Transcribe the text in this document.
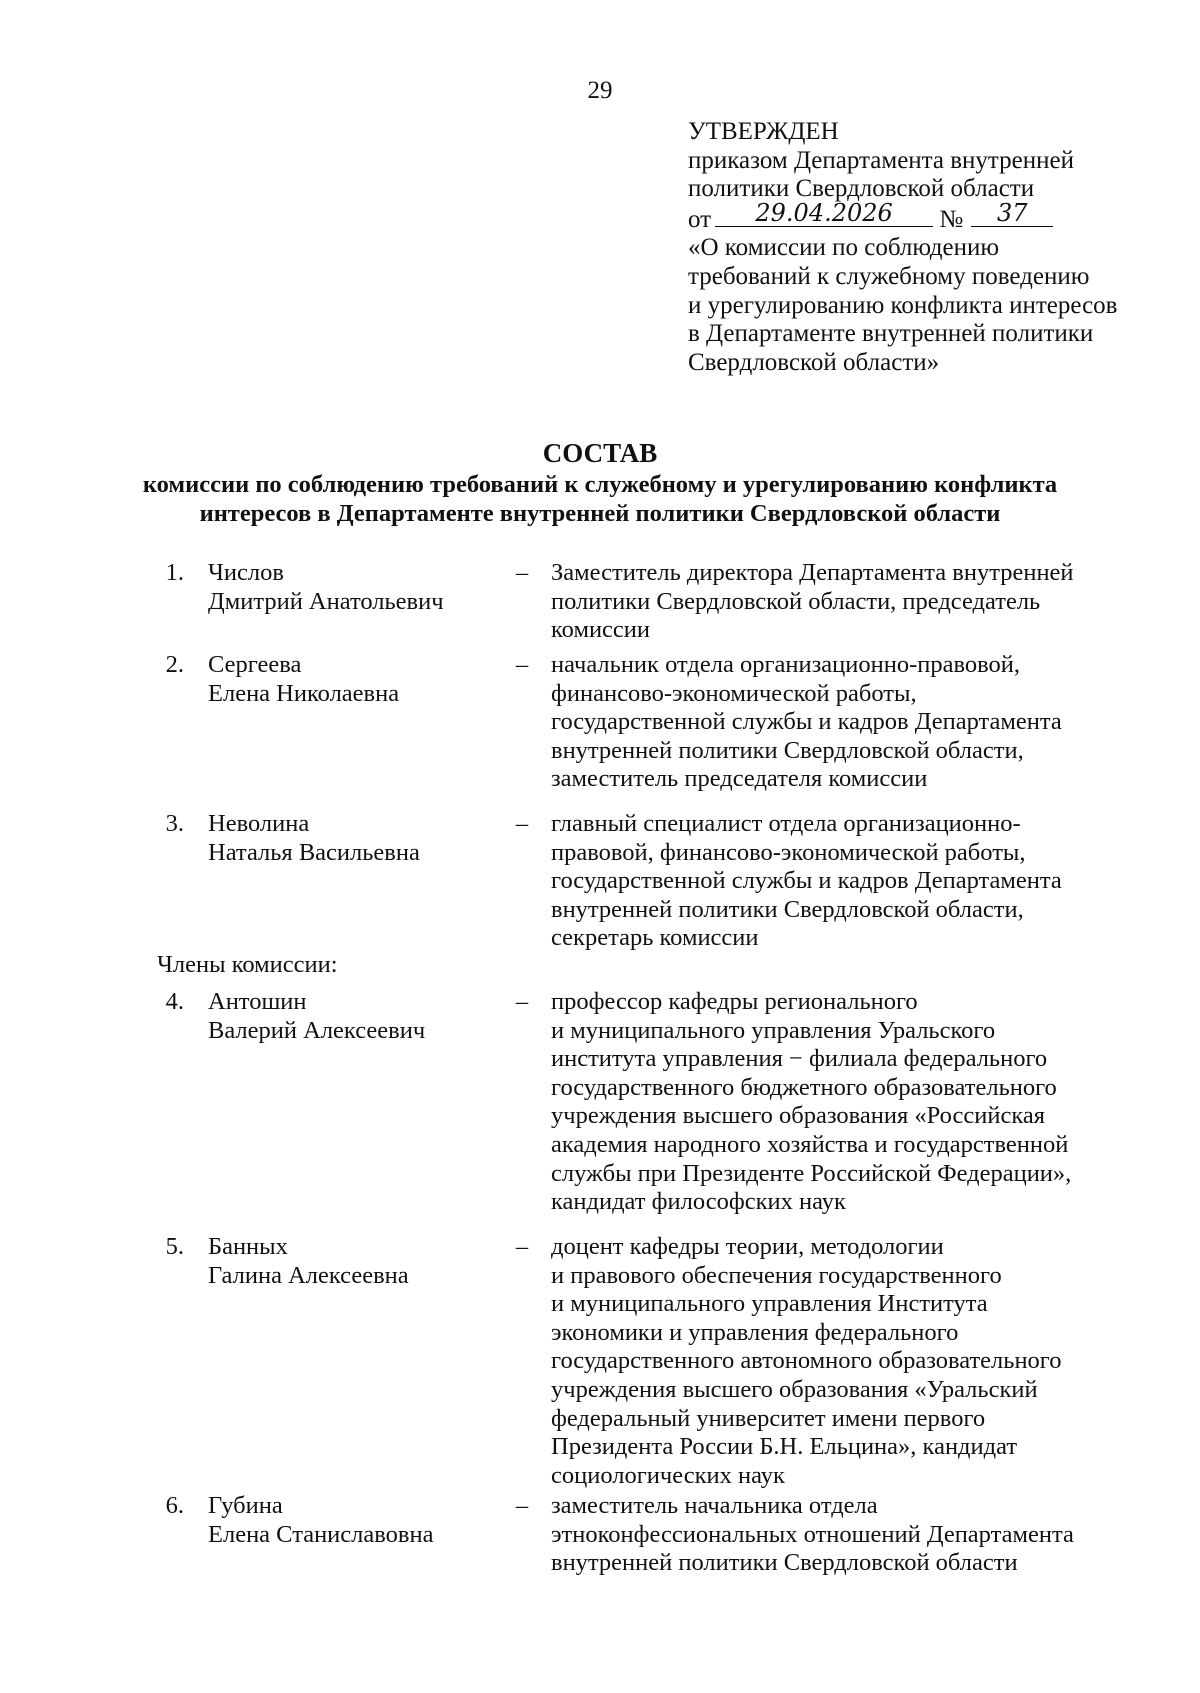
29
УТВЕРЖДЕН
приказом Департамента внутренней
политики Свердловской области
от	29.04.2026	№	37
«О комиссии по соблюдению
требований к служебному поведению
и урегулированию конфликта интересов
в Департаменте внутренней политики
Свердловской области»
СОСТАВ
комиссии по соблюдению требований к служебному и урегулированию конфликта
интересов в Департаменте внутренней политики Свердловской области
1. Числов
Дмитрий Анатольевич
– Заместитель директора Департамента внутренней
политики Свердловской области, председатель
комиссии
2. Сергеева
Елена Николаевна
– начальник отдела организационно-правовой,
финансово-экономической работы,
государственной службы и кадров Департамента
внутренней политики Свердловской области,
заместитель председателя комиссии
3. Неволина
Наталья Васильевна
– главный специалист отдела организационно-
правовой, финансово-экономической работы,
государственной службы и кадров Департамента
внутренней политики Свердловской области,
секретарь комиссии
Члены комиссии:
4. Антошин
Валерий Алексеевич
– профессор кафедры регионального
и муниципального управления Уральского
института управления − филиала федерального
государственного бюджетного образовательного
учреждения высшего образования «Российская
академия народного хозяйства и государственной
службы при Президенте Российской Федерации»,
кандидат философских наук
5. Банных
Галина Алексеевна
– доцент кафедры теории, методологии
и правового обеспечения государственного
и муниципального управления Института
экономики и управления федерального
государственного автономного образовательного
учреждения высшего образования «Уральский
федеральный университет имени первого
Президента России Б.Н. Ельцина», кандидат
социологических наук
6. Губина
Елена Станиславовна
– заместитель начальника отдела
этноконфессиональных отношений Департамента
внутренней политики Свердловской области
